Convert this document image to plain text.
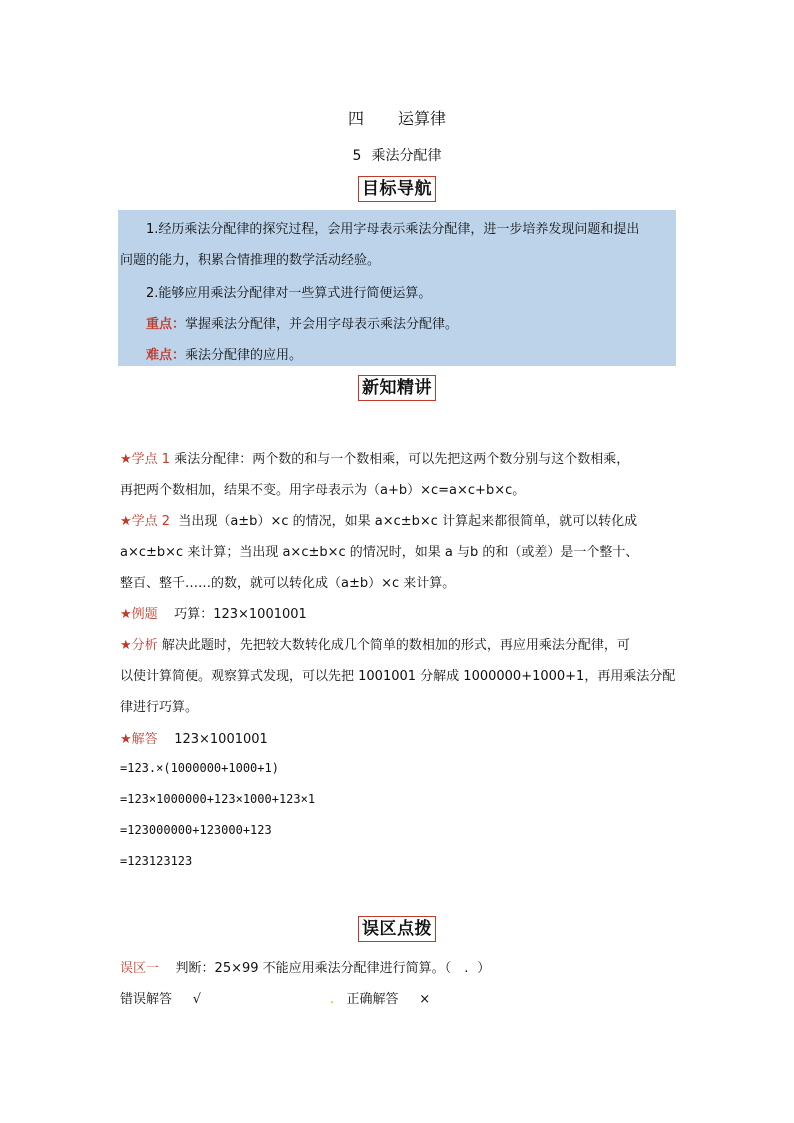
四 运算律
5 乘法分配律
目标导航
1.经历乘法分配律的探究过程，会用字母表示乘法分配律，进一步培养发现问题和提出
问题的能力，积累合情推理的数学活动经验。
2.能够应用乘法分配律对一些算式进行简便运算。
重点：掌握乘法分配律，并会用字母表示乘法分配律。
难点：乘法分配律的应用。
新知精讲
★学点 1 乘法分配律：两个数的和与一个数相乘，可以先把这两个数分别与这个数相乘，
再把两个数相加，结果不变。用字母表示为（a+b）×c=a×c+b×c。
★学点 2 当出现（a±b）×c 的情况，如果 a×c±b×c 计算起来都很简单，就可以转化成
a×c±b×c 来计算；当出现 a×c±b×c 的情况时，如果 a 与b 的和（或差）是一个整十、
整百、整千……的数，就可以转化成（a±b）×c 来计算。
★例题 巧算：123×1001001
★分析 解决此题时，先把较大数转化成几个简单的数相加的形式，再应用乘法分配律，可
以使计算简便。观察算式发现，可以先把 1001001 分解成 1000000+1000+1，再用乘法分配
律进行巧算。
★解答 123×1001001
=123.×(1000000+1000+1)
=123×1000000+123×1000+123×1
=123000000+123000+123
=123123123
误区点拨
误区一 判断：25×99 不能应用乘法分配律进行简算。（ . ）
错误解答 √	. 正确解答 ×
